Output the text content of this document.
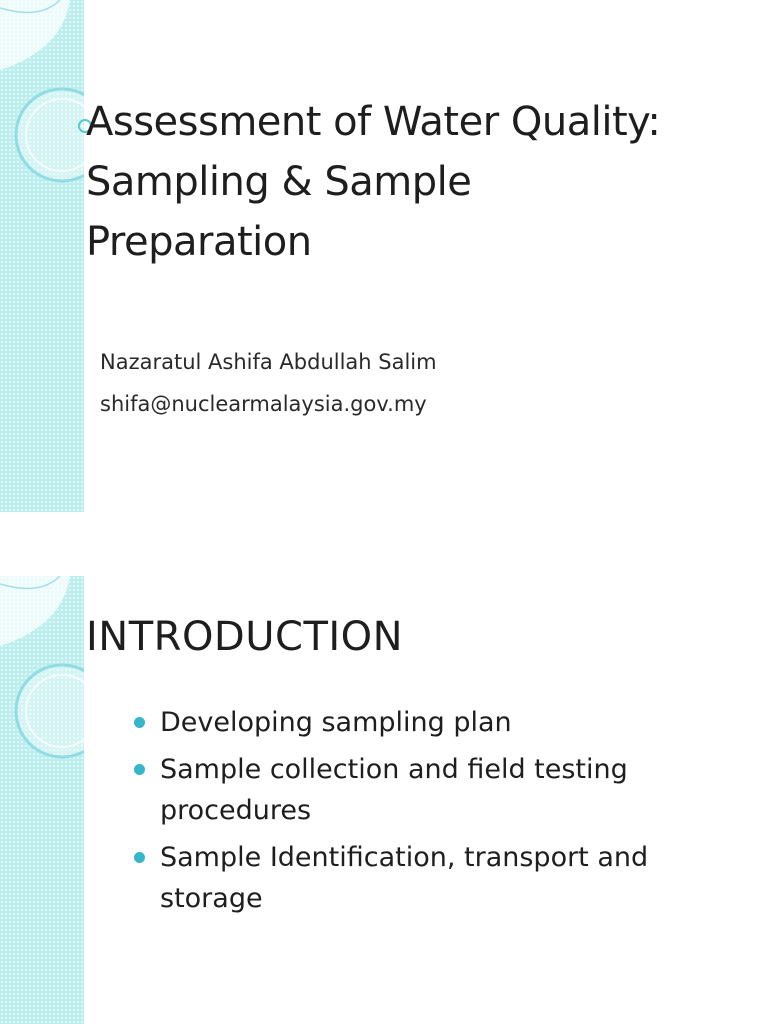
Assessment of Water Quality:
Sampling & Sample
Preparation

Nazaratul Ashifa Abdullah Salim

shifa@nuclearmalaysia.gov.my

INTRODUCTION
Developing sampling plan
Sample collection and field testing
procedures
Sample Identification, transport and
storage
